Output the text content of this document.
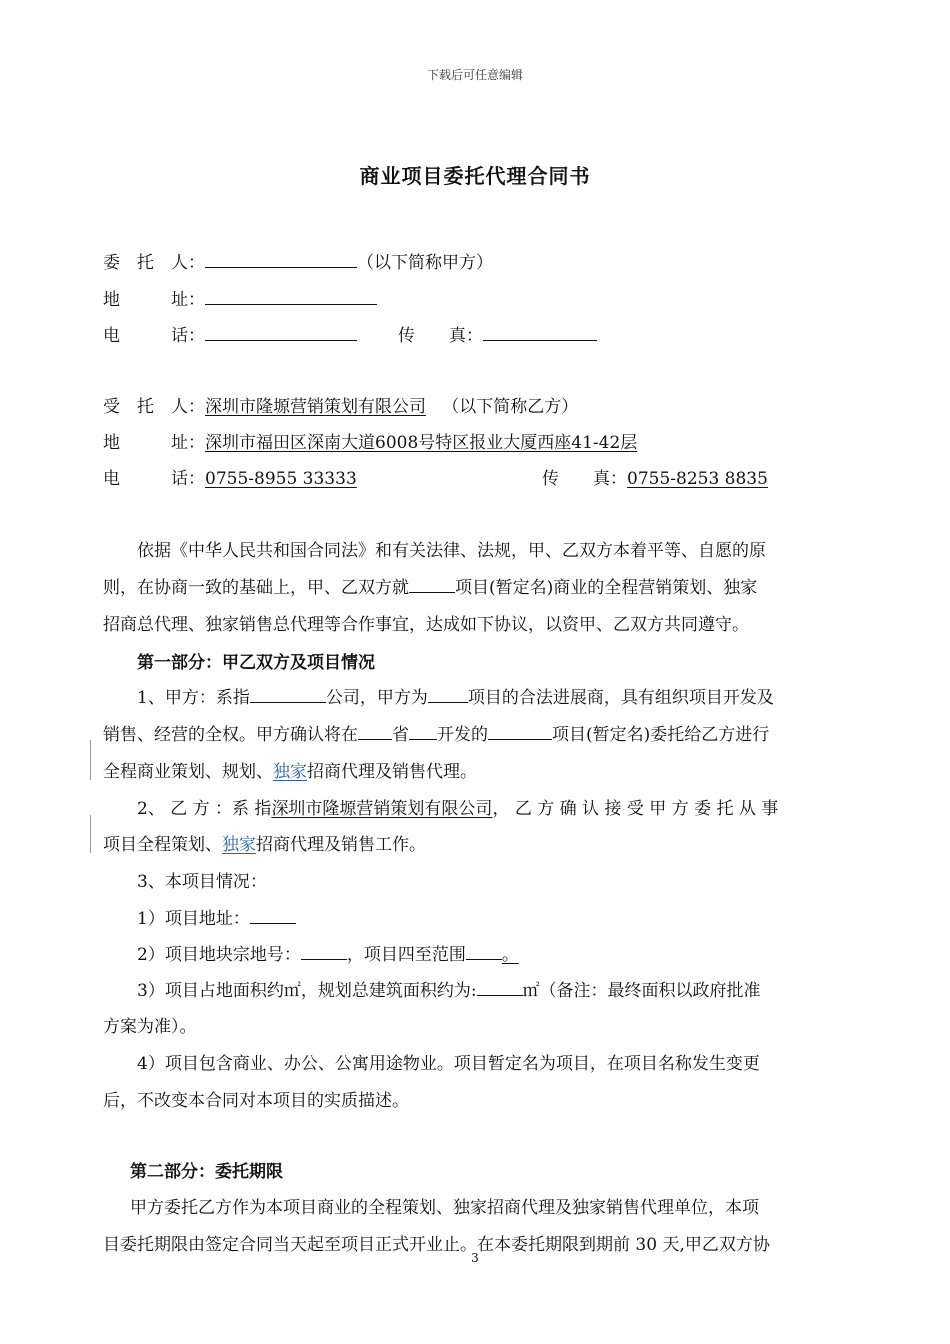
下载后可任意编辑
商业项目委托代理合同书
委　托　人：	（以下简称甲方）
地　　　址：
电　　　话：	传　　真：
受　托　人：深圳市隆塬营销策划有限公司 （以下简称乙方）
地　　　址：深圳市福田区深南大道6008号特区报业大厦西座41-42层
电　　　话：0755-8955 33333	传　　真：0755-8253 8835
依据《中华人民共和国合同法》和有关法律、法规，甲、乙双方本着平等、自愿的原
则，在协商一致的基础上，甲、乙双方就	项目(暂定名)商业的全程营销策划、独家
招商总代理、独家销售总代理等合作事宜，达成如下协议，以资甲、乙双方共同遵守。
第一部分：甲乙双方及项目情况
1、甲方：系指	公司，甲方为 项目的合法进展商，具有组织项目开发及
销售、经营的全权。甲方确认将在 省 开发的	项目(暂定名)委托给乙方进行
全程商业策划、规划、独家招商代理及销售代理。
2、 乙 方 ：系 指深圳市隆塬营销策划有限公司， 乙 方 确 认 接 受 甲 方 委 托 从 事
项目全程策划、独家招商代理及销售工作。
3、本项目情况：
1）项目地址：
2）项目地块宗地号：	，项目四至范围 。
3）项目占地面积约㎡，规划总建筑面积约为:	㎡（备注：最终面积以政府批准
方案为准）。
4）项目包含商业、办公、公寓用途物业。项目暂定名为项目，在项目名称发生变更
后，不改变本合同对本项目的实质描述。
第二部分：委托期限
甲方委托乙方作为本项目商业的全程策划、独家招商代理及独家销售代理单位，本项
目委托期限由签定合同当天起至项目正式开业止。在本委托期限到期前 30 天,甲乙双方协
3
